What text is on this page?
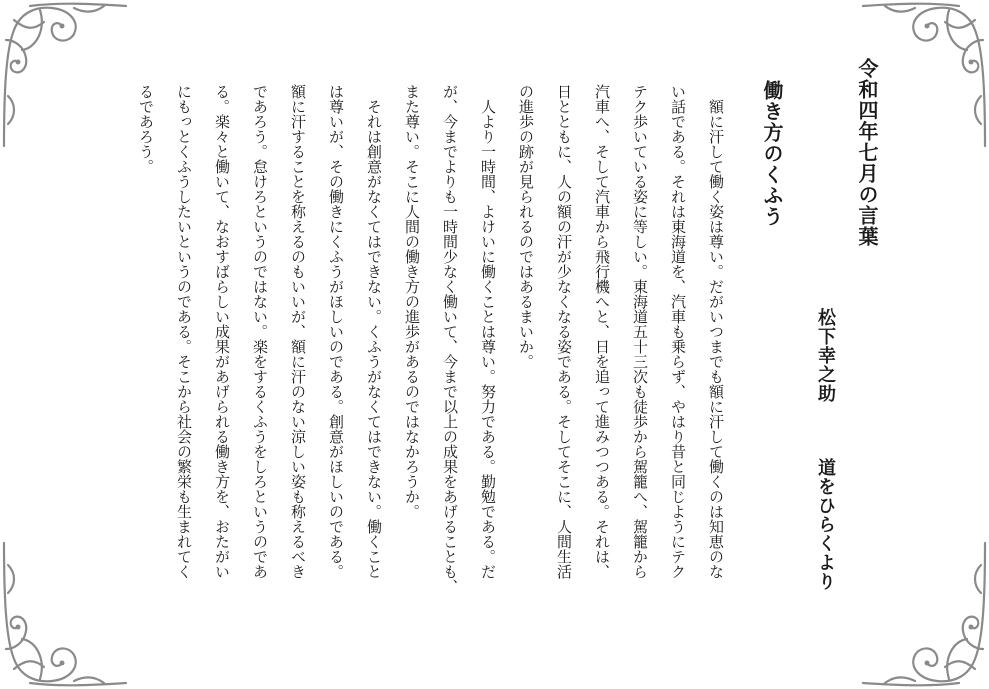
令和四年七月の言葉
松下幸之助
道をひらくより
働き方のくふう
　額に汗して働く姿は尊い。だがいつまでも額に汗して働くのは知恵のな
い話である。それは東海道を、汽車も乗らず、やはり昔と同じようにテク
テク歩いている姿に等しい。東海道五十三次も徒歩から駕籠へ、駕籠から
汽車へ、そして汽車から飛行機へと、日を追って進みつつある。それは、
日とともに、人の額の汗が少なくなる姿である。そしてそこに、人間生活
の進歩の跡が見られるのではあるまいか。
　人より一時間、よけいに働くことは尊い。努力である。勤勉である。だ
が、今までよりも一時間少なく働いて、今まで以上の成果をあげることも、
また尊い。そこに人間の働き方の進歩があるのではなかろうか。
　それは創意がなくてはできない。くふうがなくてはできない。働くこと
は尊いが、その働きにくふうがほしいのである。創意がほしいのである。
額に汗することを称えるのもいいが、額に汗のない涼しい姿も称えるべき
であろう。怠けろというのではない。楽をするくふうをしろというのであ
る。楽々と働いて、なおすばらしい成果があげられる働き方を、おたがい
にもっとくふうしたいというのである。そこから社会の繁栄も生まれてく
るであろう。
